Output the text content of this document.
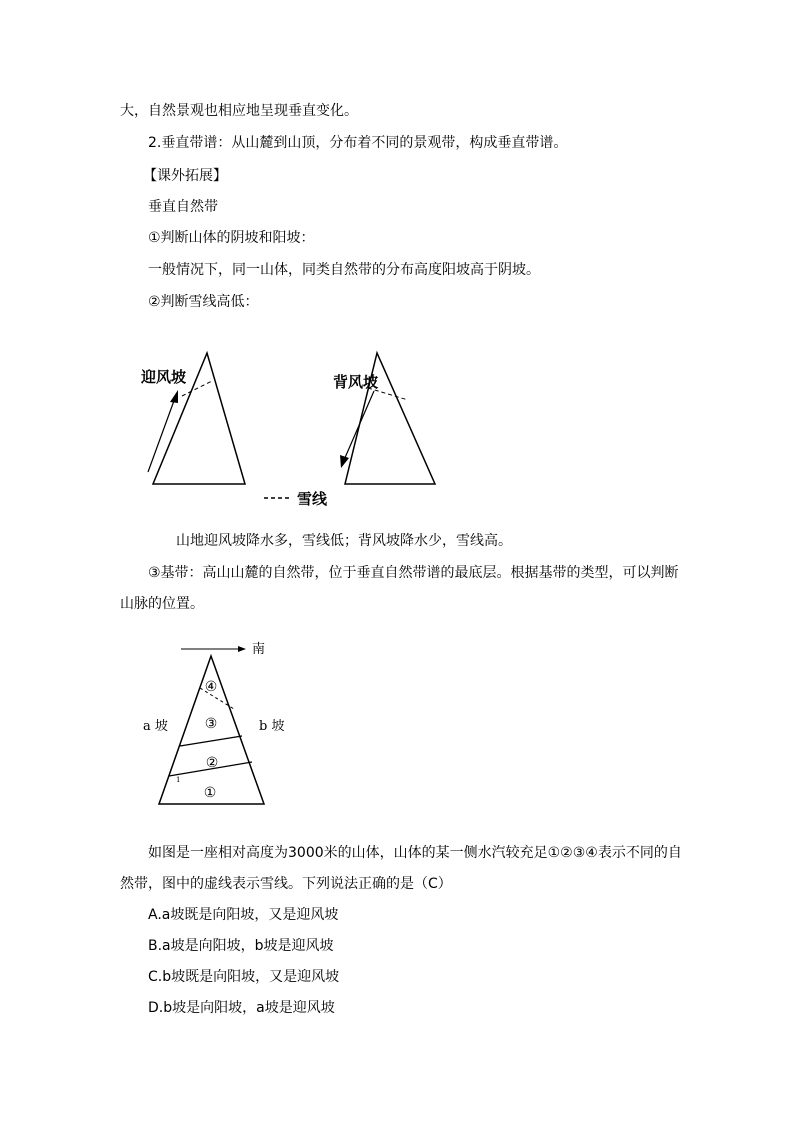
大，自然景观也相应地呈现垂直变化。
2.垂直带谱：从山麓到山顶，分布着不同的景观带，构成垂直带谱。
【课外拓展】
垂直自然带
①判断山体的阴坡和阳坡：
一般情况下，同一山体，同类自然带的分布高度阳坡高于阴坡。
②判断雪线高低：
迎风坡	背风坡
雪线
山地迎风坡降水多，雪线低；背风坡降水少，雪线高。
③基带：高山山麓的自然带，位于垂直自然带谱的最底层。根据基带的类型，可以判断
山脉的位置。
南
④
③
②
①
1
a 坡	b 坡
如图是一座相对高度为3000米的山体，山体的某一侧水汽较充足①②③④表示不同的自
然带，图中的虚线表示雪线。下列说法正确的是（C）
A.a坡既是向阳坡，又是迎风坡
B.a坡是向阳坡，b坡是迎风坡
C.b坡既是向阳坡，又是迎风坡
D.b坡是向阳坡，a坡是迎风坡
